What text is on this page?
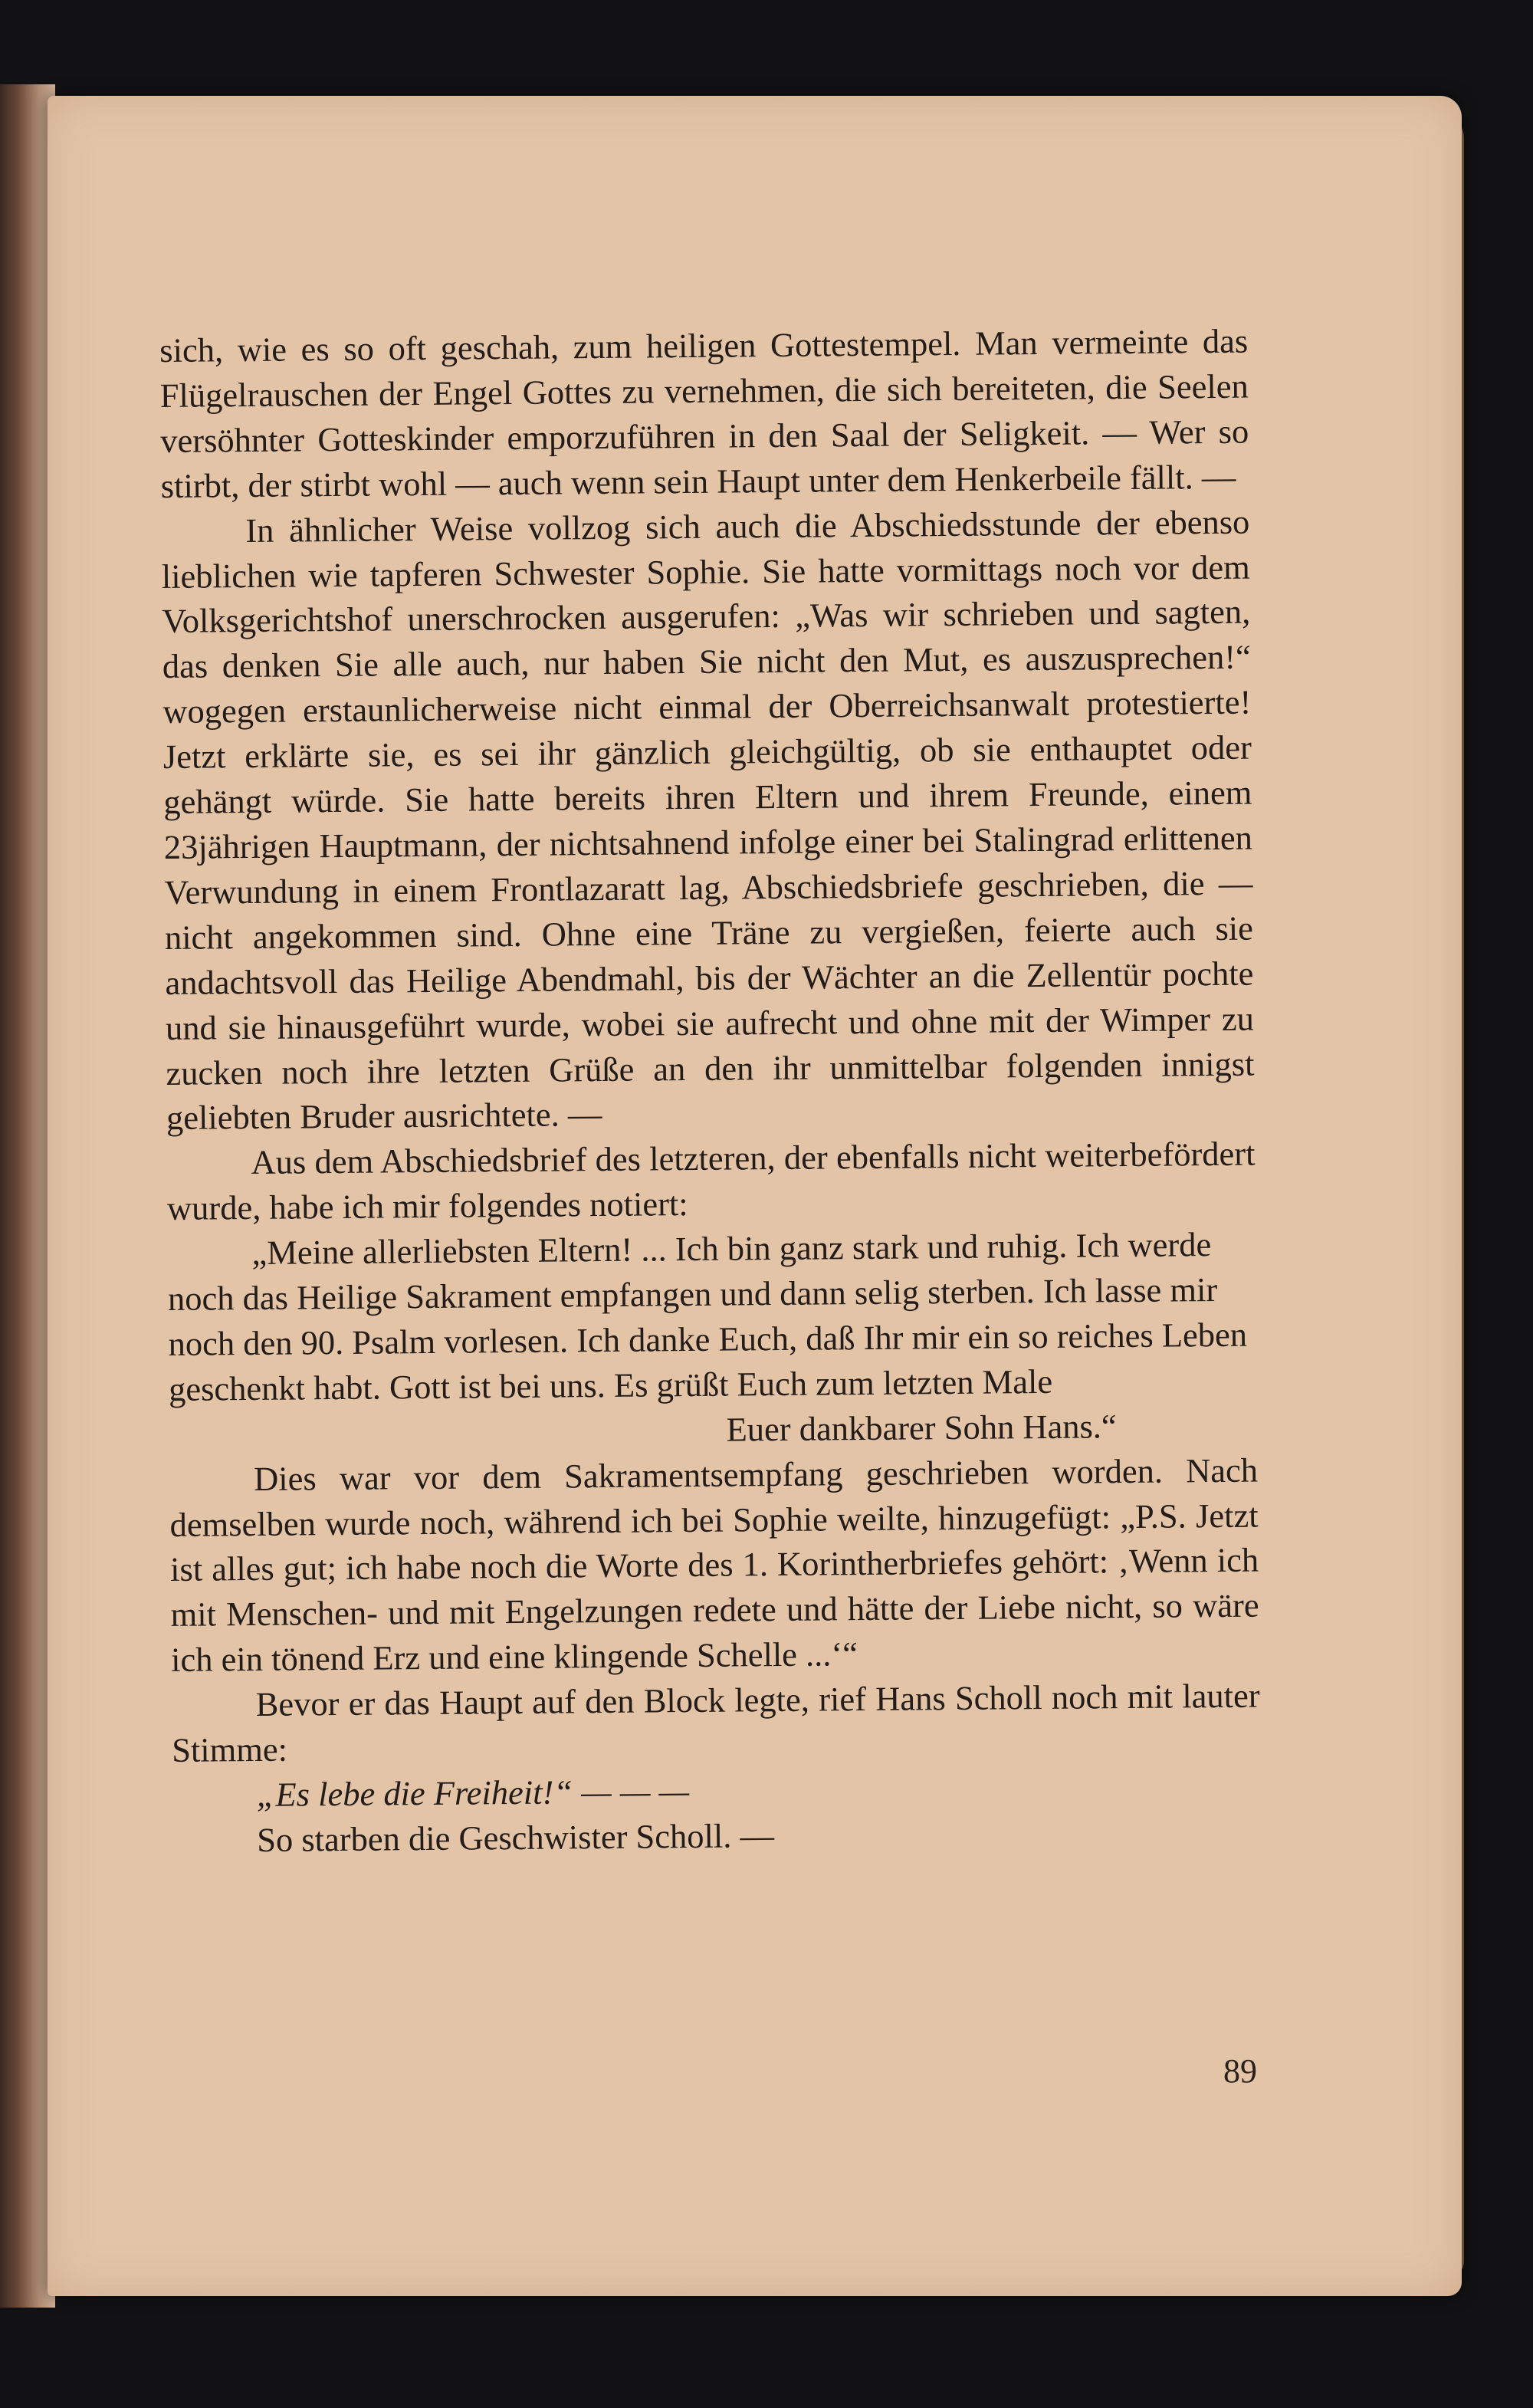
sich, wie es so oft geschah, zum heiligen Gottestempel. Man vermeinte das Flügelrauschen der Engel Gottes zu vernehmen, die sich bereiteten, die Seelen versöhnter Gotteskinder emporzuführen in den Saal der Seligkeit. — Wer so stirbt, der stirbt wohl — auch wenn sein Haupt unter dem Henkerbeile fällt. —

In ähnlicher Weise vollzog sich auch die Abschiedsstunde der ebenso lieblichen wie tapferen Schwester Sophie. Sie hatte vormittags noch vor dem Volksgerichtshof unerschrocken ausgerufen: „Was wir schrieben und sagten, das denken Sie alle auch, nur haben Sie nicht den Mut, es auszusprechen!“ wogegen erstaunlicherweise nicht einmal der Oberreichsanwalt protestierte! Jetzt erklärte sie, es sei ihr gänzlich gleichgültig, ob sie enthauptet oder gehängt würde. Sie hatte bereits ihren Eltern und ihrem Freunde, einem 23jährigen Hauptmann, der nichtsahnend infolge einer bei Stalingrad erlittenen Verwundung in einem Frontlazaratt lag, Abschiedsbriefe geschrieben, die — nicht angekommen sind. Ohne eine Träne zu vergießen, feierte auch sie andachtsvoll das Heilige Abendmahl, bis der Wächter an die Zellentür pochte und sie hinausgeführt wurde, wobei sie aufrecht und ohne mit der Wimper zu zucken noch ihre letzten Grüße an den ihr unmittelbar folgenden innigst geliebten Bruder ausrichtete. —

Aus dem Abschiedsbrief des letzteren, der ebenfalls nicht weiterbefördert wurde, habe ich mir folgendes notiert:

„Meine allerliebsten Eltern! ... Ich bin ganz stark und ruhig. Ich werde noch das Heilige Sakrament empfangen und dann selig sterben. Ich lasse mir noch den 90. Psalm vorlesen. Ich danke Euch, daß Ihr mir ein so reiches Leben geschenkt habt. Gott ist bei uns. Es grüßt Euch zum letzten Male

Euer dankbarer Sohn Hans.“

Dies war vor dem Sakramentsempfang geschrieben worden. Nach demselben wurde noch, während ich bei Sophie weilte, hinzugefügt: „P.S. Jetzt ist alles gut; ich habe noch die Worte des 1. Korintherbriefes gehört: ‚Wenn ich mit Menschen- und mit Engelzungen redete und hätte der Liebe nicht, so wäre ich ein tönend Erz und eine klingende Schelle ...‘“

Bevor er das Haupt auf den Block legte, rief Hans Scholl noch mit lauter Stimme:

„Es lebe die Freiheit!“ — — —

So starben die Geschwister Scholl. —

89
